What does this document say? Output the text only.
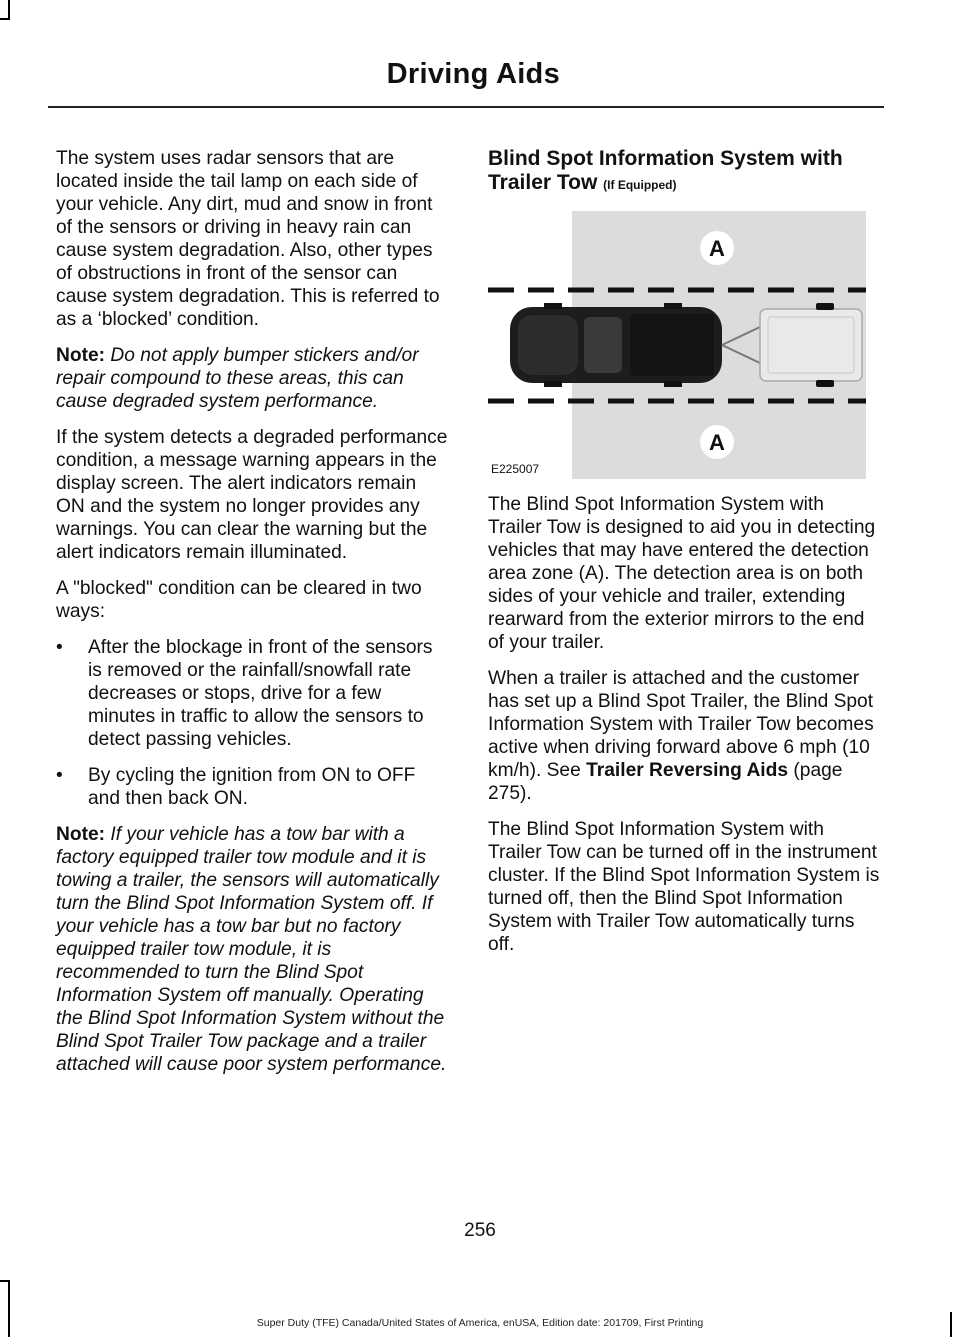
Driving Aids

The system uses radar sensors that are located inside the tail lamp on each side of your vehicle. Any dirt, mud and snow in front of the sensors or driving in heavy rain can cause system degradation. Also, other types of obstructions in front of the sensor can cause system degradation. This is referred to as a ‘blocked’ condition.

Note: Do not apply bumper stickers and/or repair compound to these areas, this can cause degraded system performance.

If the system detects a degraded performance condition, a message warning appears in the display screen. The alert indicators remain ON and the system no longer provides any warnings. You can clear the warning but the alert indicators remain illuminated.

A "blocked" condition can be cleared in two ways:

• After the blockage in front of the sensors is removed or the rainfall/snowfall rate decreases or stops, drive for a few minutes in traffic to allow the sensors to detect passing vehicles.
• By cycling the ignition from ON to OFF and then back ON.

Note: If your vehicle has a tow bar with a factory equipped trailer tow module and it is towing a trailer, the sensors will automatically turn the Blind Spot Information System off. If your vehicle has a tow bar but no factory equipped trailer tow module, it is recommended to turn the Blind Spot Information System off manually. Operating the Blind Spot Information System without the Blind Spot Trailer Tow package and a trailer attached will cause poor system performance.

Blind Spot Information System with Trailer Tow (If Equipped)
A
A
E225007

The Blind Spot Information System with Trailer Tow is designed to aid you in detecting vehicles that may have entered the detection area zone (A). The detection area is on both sides of your vehicle and trailer, extending rearward from the exterior mirrors to the end of your trailer.

When a trailer is attached and the customer has set up a Blind Spot Trailer, the Blind Spot Information System with Trailer Tow becomes active when driving forward above 6 mph (10 km/h). See Trailer Reversing Aids (page 275).

The Blind Spot Information System with Trailer Tow can be turned off in the instrument cluster. If the Blind Spot Information System is turned off, then the Blind Spot Information System with Trailer Tow automatically turns off.

256
Super Duty (TFE) Canada/United States of America, enUSA, Edition date: 201709, First Printing
